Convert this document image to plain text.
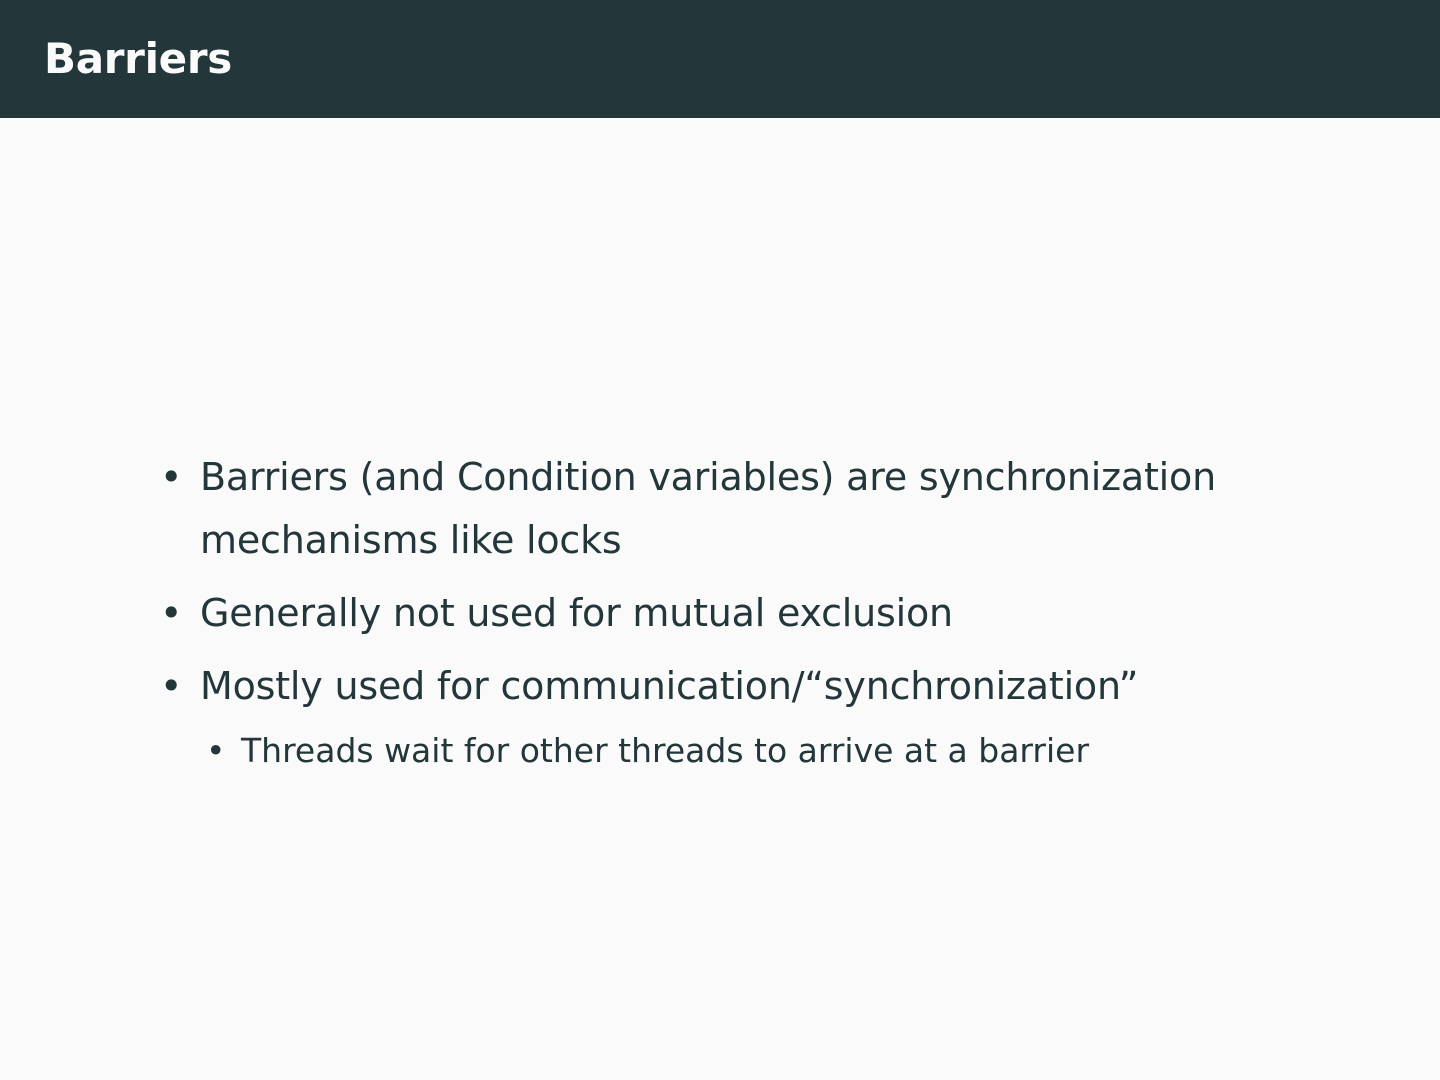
Barriers
• Barriers (and Condition variables) are synchronization mechanisms like locks
• Generally not used for mutual exclusion
• Mostly used for communication/“synchronization”
• Threads wait for other threads to arrive at a barrier
